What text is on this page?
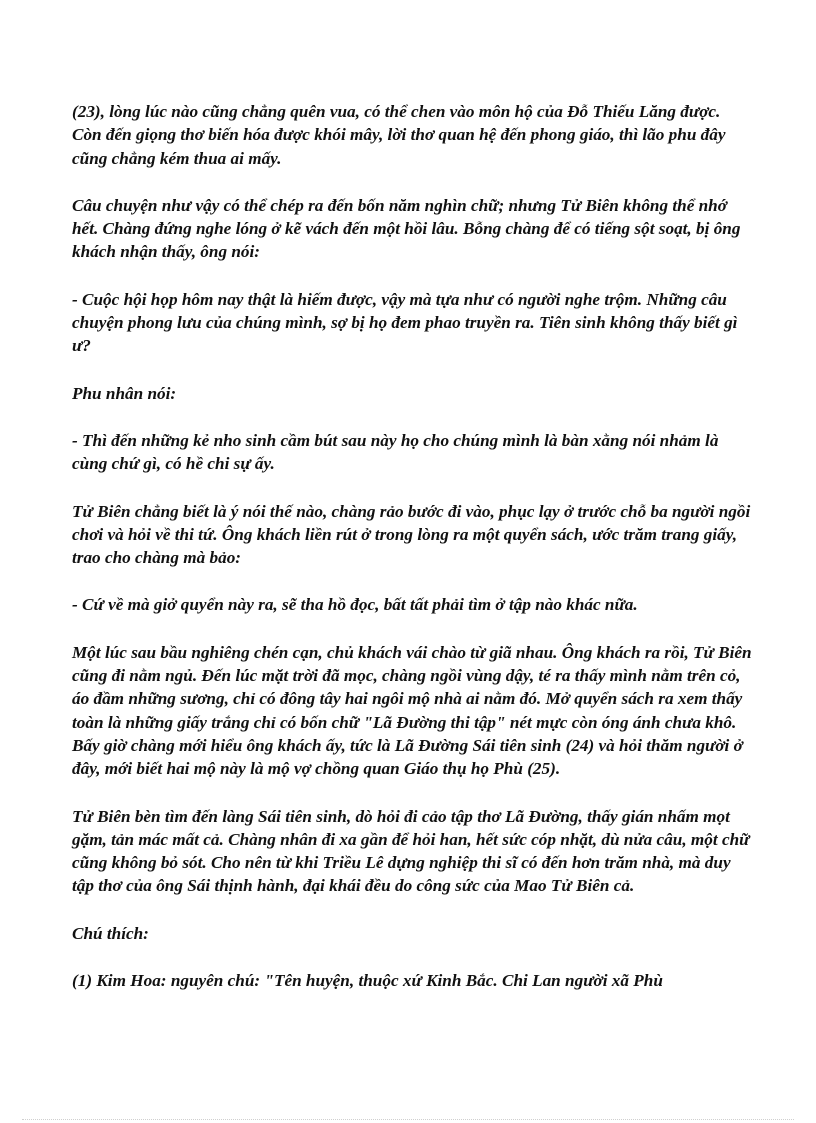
(23), lòng lúc nào cũng chẳng quên vua, có thể chen vào môn hộ của Đỗ Thiếu Lăng được. Còn đến giọng thơ biến hóa được khói mây, lời thơ quan hệ đến phong giáo, thì lão phu đây cũng chẳng kém thua ai mấy.

Câu chuyện như vậy có thể chép ra đến bốn năm nghìn chữ; nhưng Tử Biên không thể nhớ hết. Chàng đứng nghe lóng ở kẽ vách đến một hồi lâu. Bỗng chàng để có tiếng sột soạt, bị ông khách nhận thấy, ông nói:

- Cuộc hội họp hôm nay thật là hiếm được, vậy mà tựa như có người nghe trộm. Những câu chuyện phong lưu của chúng mình, sợ bị họ đem phao truyền ra. Tiên sinh không thấy biết gì ư?

Phu nhân nói:

- Thì đến những kẻ nho sinh cầm bút sau này họ cho chúng mình là bàn xằng nói nhảm là cùng chứ gì, có hề chi sự ấy.

Tử Biên chẳng biết là ý nói thế nào, chàng rảo bước đi vào, phục lạy ở trước chỗ ba người ngồi chơi và hỏi về thi tứ. Ông khách liền rút ở trong lòng ra một quyển sách, ước trăm trang giấy, trao cho chàng mà bảo:

- Cứ về mà giở quyển này ra, sẽ tha hồ đọc, bất tất phải tìm ở tập nào khác nữa.

Một lúc sau bầu nghiêng chén cạn, chủ khách vái chào từ giã nhau. Ông khách ra rồi, Tử Biên cũng đi nằm ngủ. Đến lúc mặt trời đã mọc, chàng ngồi vùng dậy, té ra thấy mình nằm trên cỏ, áo đầm những sương, chỉ có đông tây hai ngôi mộ nhà ai nằm đó. Mở quyển sách ra xem thấy toàn là những giấy trắng chỉ có bốn chữ "Lã Đường thi tập" nét mực còn óng ánh chưa khô. Bấy giờ chàng mới hiểu ông khách ấy, tức là Lã Đường Sái tiên sinh (24) và hỏi thăm người ở đây, mới biết hai mộ này là mộ vợ chồng quan Giáo thụ họ Phù (25).

Tử Biên bèn tìm đến làng Sái tiên sinh, dò hỏi đi cảo tập thơ Lã Đường, thấy gián nhấm mọt gặm, tản mác mất cả. Chàng nhân đi xa gần để hỏi han, hết sức cóp nhặt, dù nửa câu, một chữ cũng không bỏ sót. Cho nên từ khi Triều Lê dựng nghiệp thi sĩ có đến hơn trăm nhà, mà duy tập thơ của ông Sái thịnh hành, đại khái đều do công sức của Mao Tử Biên cả.

Chú thích:

(1) Kim Hoa: nguyên chú: "Tên huyện, thuộc xứ Kinh Bắc. Chi Lan người xã Phù
